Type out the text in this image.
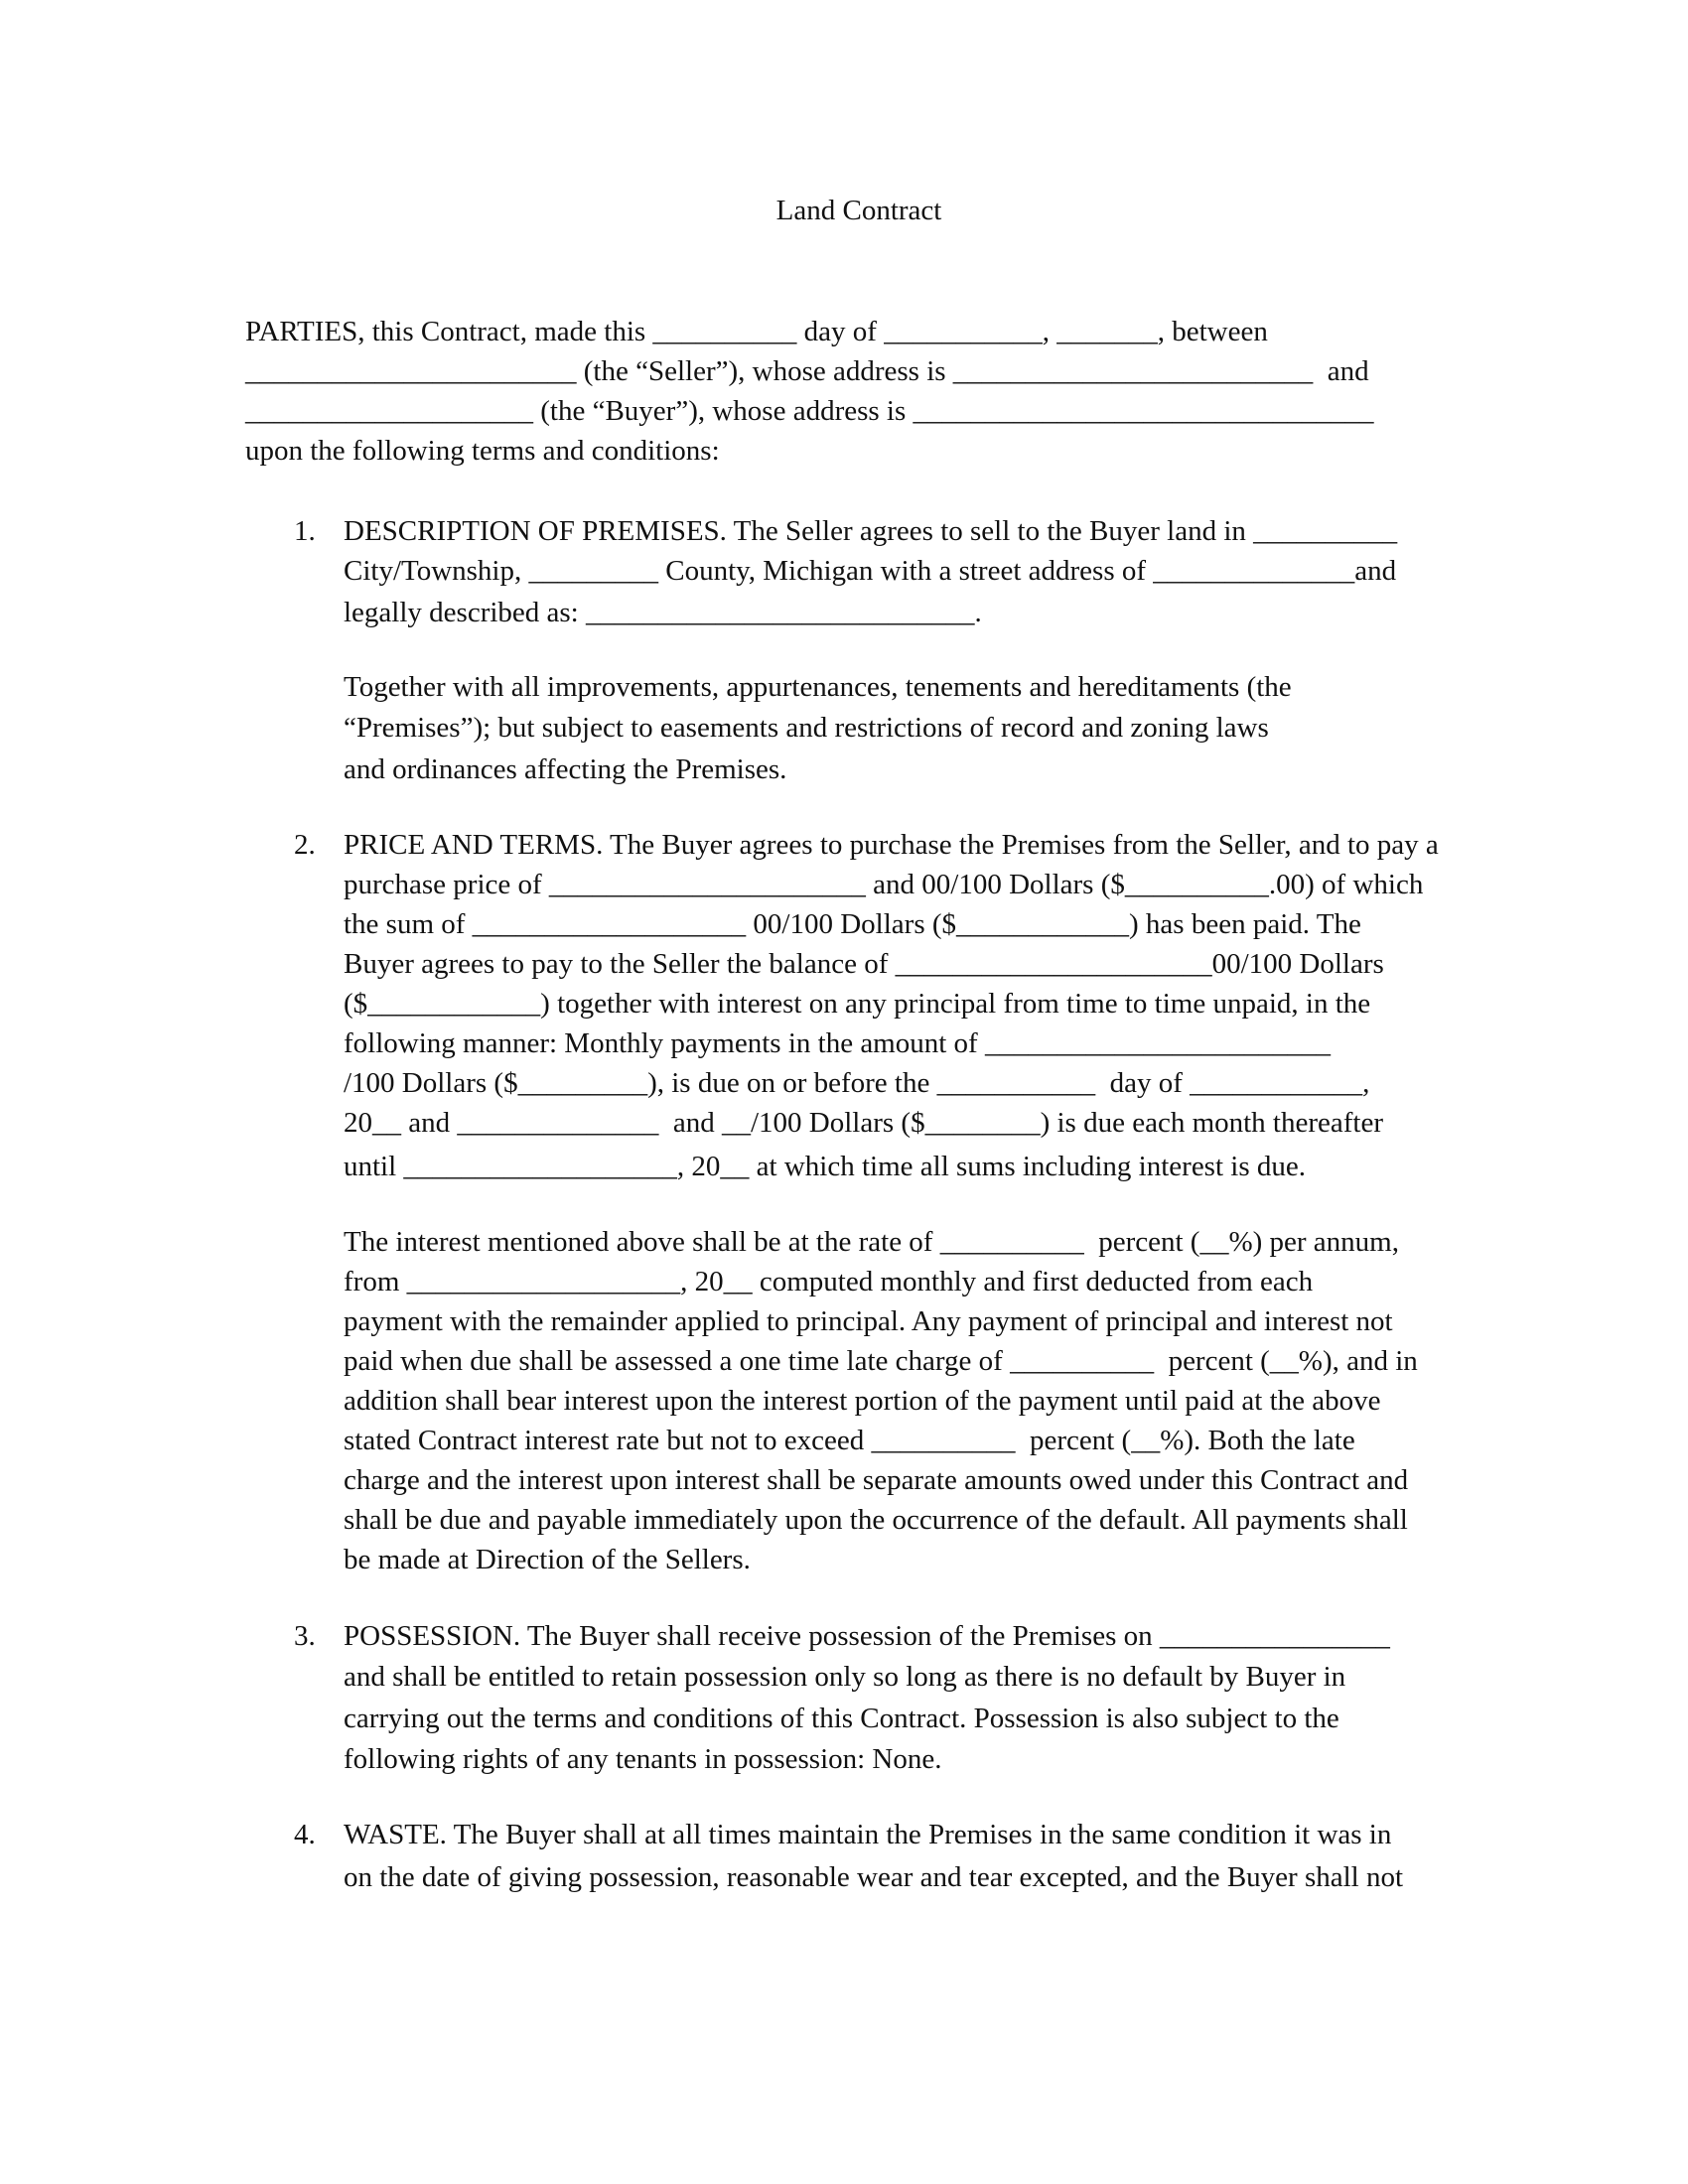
Land Contract
PARTIES, this Contract, made this __________ day of ___________, _______, between
_______________________ (the “Seller”), whose address is _________________________  and
____________________ (the “Buyer”), whose address is ________________________________
upon the following terms and conditions:
1. DESCRIPTION OF PREMISES. The Seller agrees to sell to the Buyer land in __________
City/Township, _________ County, Michigan with a street address of ______________and
legally described as: ___________________________.
Together with all improvements, appurtenances, tenements and hereditaments (the
“Premises”); but subject to easements and restrictions of record and zoning laws
and ordinances affecting the Premises.
2. PRICE AND TERMS. The Buyer agrees to purchase the Premises from the Seller, and to pay a
purchase price of ______________________ and 00/100 Dollars ($__________.00) of which
the sum of ___________________ 00/100 Dollars ($____________) has been paid. The
Buyer agrees to pay to the Seller the balance of ______________________00/100 Dollars
($____________) together with interest on any principal from time to time unpaid, in the
following manner: Monthly payments in the amount of ________________________
/100 Dollars ($_________), is due on or before the ___________  day of ____________,
20__ and ______________  and __/100 Dollars ($________) is due each month thereafter
until ___________________, 20__ at which time all sums including interest is due.
The interest mentioned above shall be at the rate of __________  percent (__%) per annum,
from ___________________, 20__ computed monthly and first deducted from each
payment with the remainder applied to principal. Any payment of principal and interest not
paid when due shall be assessed a one time late charge of __________  percent (__%), and in
addition shall bear interest upon the interest portion of the payment until paid at the above
stated Contract interest rate but not to exceed __________  percent (__%). Both the late
charge and the interest upon interest shall be separate amounts owed under this Contract and
shall be due and payable immediately upon the occurrence of the default. All payments shall
be made at Direction of the Sellers.
3. POSSESSION. The Buyer shall receive possession of the Premises on ________________
and shall be entitled to retain possession only so long as there is no default by Buyer in
carrying out the terms and conditions of this Contract. Possession is also subject to the
following rights of any tenants in possession: None.
4. WASTE. The Buyer shall at all times maintain the Premises in the same condition it was in
on the date of giving possession, reasonable wear and tear excepted, and the Buyer shall not
